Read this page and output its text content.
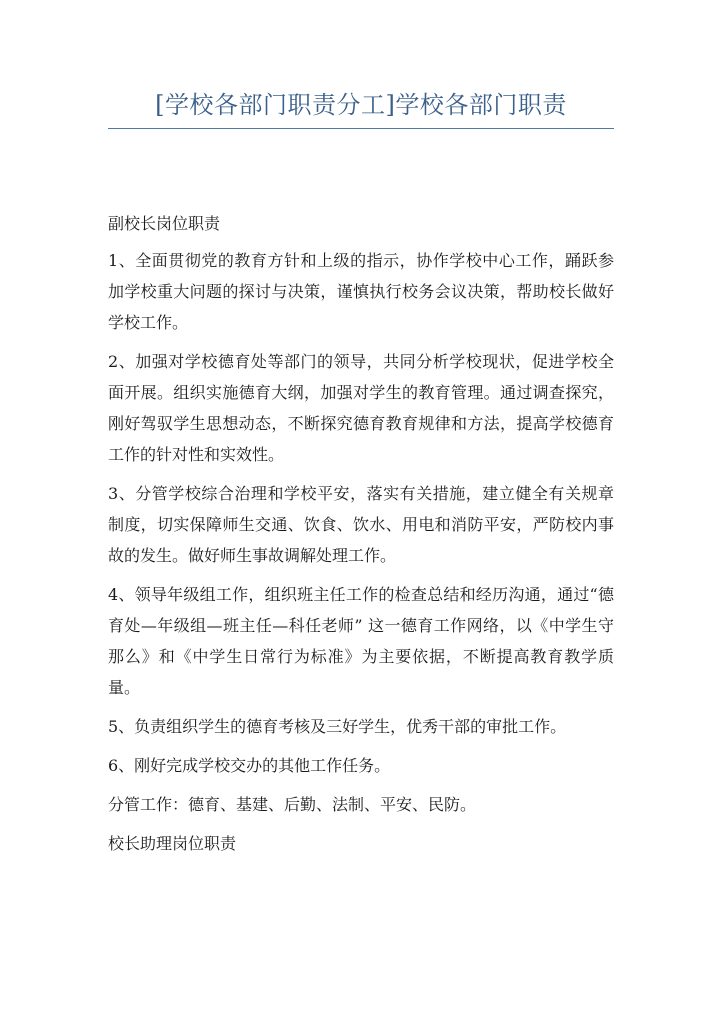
[学校各部门职责分工]学校各部门职责

副校长岗位职责

1、全面贯彻党的教育方针和上级的指示，协作学校中心工作，踊跃参加学校重大问题的探讨与决策，谨慎执行校务会议决策，帮助校长做好学校工作。

2、加强对学校德育处等部门的领导，共同分析学校现状，促进学校全面开展。组织实施德育大纲，加强对学生的教育管理。通过调查探究，刚好驾驭学生思想动态，不断探究德育教育规律和方法，提高学校德育工作的针对性和实效性。

3、分管学校综合治理和学校平安，落实有关措施，建立健全有关规章制度，切实保障师生交通、饮食、饮水、用电和消防平安，严防校内事故的发生。做好师生事故调解处理工作。

4、领导年级组工作，组织班主任工作的检查总结和经历沟通，通过“德育处—年级组—班主任—科任老师” 这一德育工作网络，以《中学生守那么》和《中学生日常行为标准》为主要依据，不断提高教育教学质量。

5、负责组织学生的德育考核及三好学生，优秀干部的审批工作。

6、刚好完成学校交办的其他工作任务。

分管工作：德育、基建、后勤、法制、平安、民防。

校长助理岗位职责
